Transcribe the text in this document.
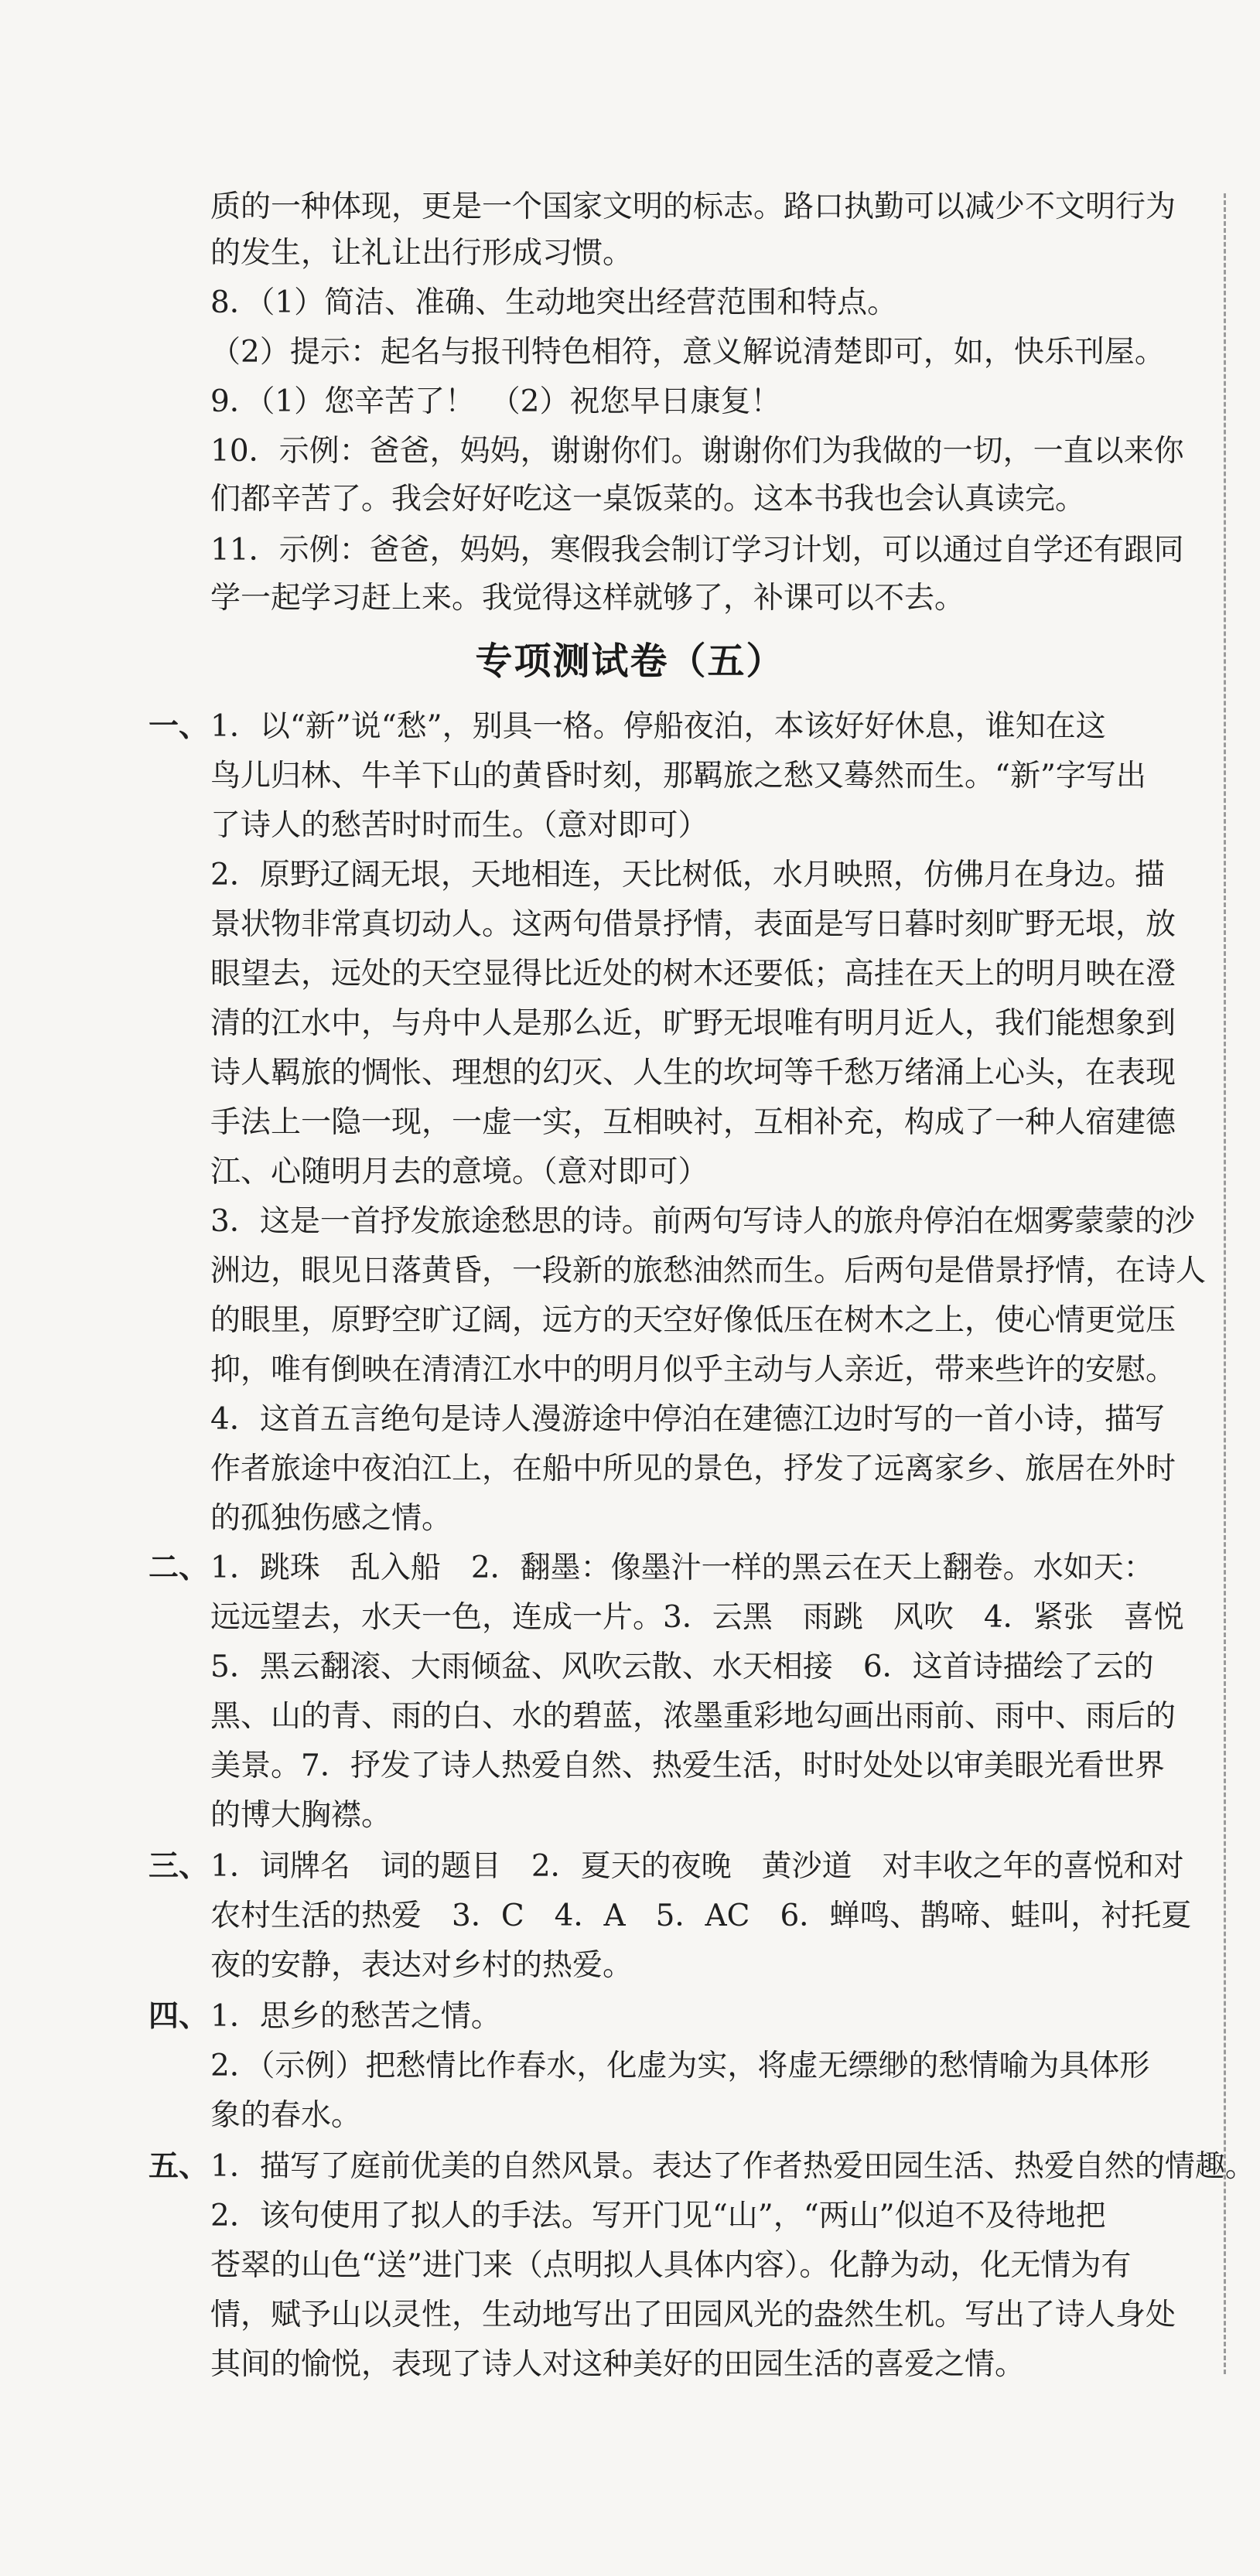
质的一种体现，更是一个国家文明的标志。路口执勤可以减少不文明行为
的发生，让礼让出行形成习惯。
8．（1）简洁、准确、生动地突出经营范围和特点。
（2）提示：起名与报刊特色相符，意义解说清楚即可，如，快乐刊屋。
9．（1）您辛苦了！　（2）祝您早日康复！
10．示例：爸爸，妈妈，谢谢你们。谢谢你们为我做的一切，一直以来你
们都辛苦了。我会好好吃这一桌饭菜的。这本书我也会认真读完。
11．示例：爸爸，妈妈，寒假我会制订学习计划，可以通过自学还有跟同
学一起学习赶上来。我觉得这样就够了，补课可以不去。
专项测试卷（五）
一、 1．以“新”说“愁”，别具一格。停船夜泊，本该好好休息，谁知在这
鸟儿归林、牛羊下山的黄昏时刻，那羁旅之愁又蓦然而生。“新”字写出
了诗人的愁苦时时而生。（意对即可）
2．原野辽阔无垠，天地相连，天比树低，水月映照，仿佛月在身边。描
景状物非常真切动人。这两句借景抒情，表面是写日暮时刻旷野无垠，放
眼望去，远处的天空显得比近处的树木还要低；高挂在天上的明月映在澄
清的江水中，与舟中人是那么近，旷野无垠唯有明月近人，我们能想象到
诗人羁旅的惆怅、理想的幻灭、人生的坎坷等千愁万绪涌上心头，在表现
手法上一隐一现，一虚一实，互相映衬，互相补充，构成了一种人宿建德
江、心随明月去的意境。（意对即可）
3．这是一首抒发旅途愁思的诗。前两句写诗人的旅舟停泊在烟雾蒙蒙的沙
洲边，眼见日落黄昏，一段新的旅愁油然而生。后两句是借景抒情，在诗人
的眼里，原野空旷辽阔，远方的天空好像低压在树木之上，使心情更觉压
抑，唯有倒映在清清江水中的明月似乎主动与人亲近，带来些许的安慰。
4．这首五言绝句是诗人漫游途中停泊在建德江边时写的一首小诗，描写
作者旅途中夜泊江上，在船中所见的景色，抒发了远离家乡、旅居在外时
的孤独伤感之情。
二、 1．跳珠　乱入船　2．翻墨：像墨汁一样的黑云在天上翻卷。水如天：
远远望去，水天一色，连成一片。3．云黑　雨跳　风吹　4．紧张　喜悦
5．黑云翻滚、大雨倾盆、风吹云散、水天相接　6．这首诗描绘了云的
黑、山的青、雨的白、水的碧蓝，浓墨重彩地勾画出雨前、雨中、雨后的
美景。7．抒发了诗人热爱自然、热爱生活，时时处处以审美眼光看世界
的博大胸襟。
三、 1．词牌名　词的题目　2．夏天的夜晚　黄沙道　对丰收之年的喜悦和对
农村生活的热爱　3．C　4．A　5．AC　6．蝉鸣、鹊啼、蛙叫，衬托夏
夜的安静，表达对乡村的热爱。
四、 1．思乡的愁苦之情。
2．（示例）把愁情比作春水，化虚为实，将虚无缥缈的愁情喻为具体形
象的春水。
五、 1．描写了庭前优美的自然风景。表达了作者热爱田园生活、热爱自然的情趣。
2．该句使用了拟人的手法。写开门见“山”，“两山”似迫不及待地把
苍翠的山色“送”进门来（点明拟人具体内容）。化静为动，化无情为有
情，赋予山以灵性，生动地写出了田园风光的盎然生机。写出了诗人身处
其间的愉悦，表现了诗人对这种美好的田园生活的喜爱之情。
